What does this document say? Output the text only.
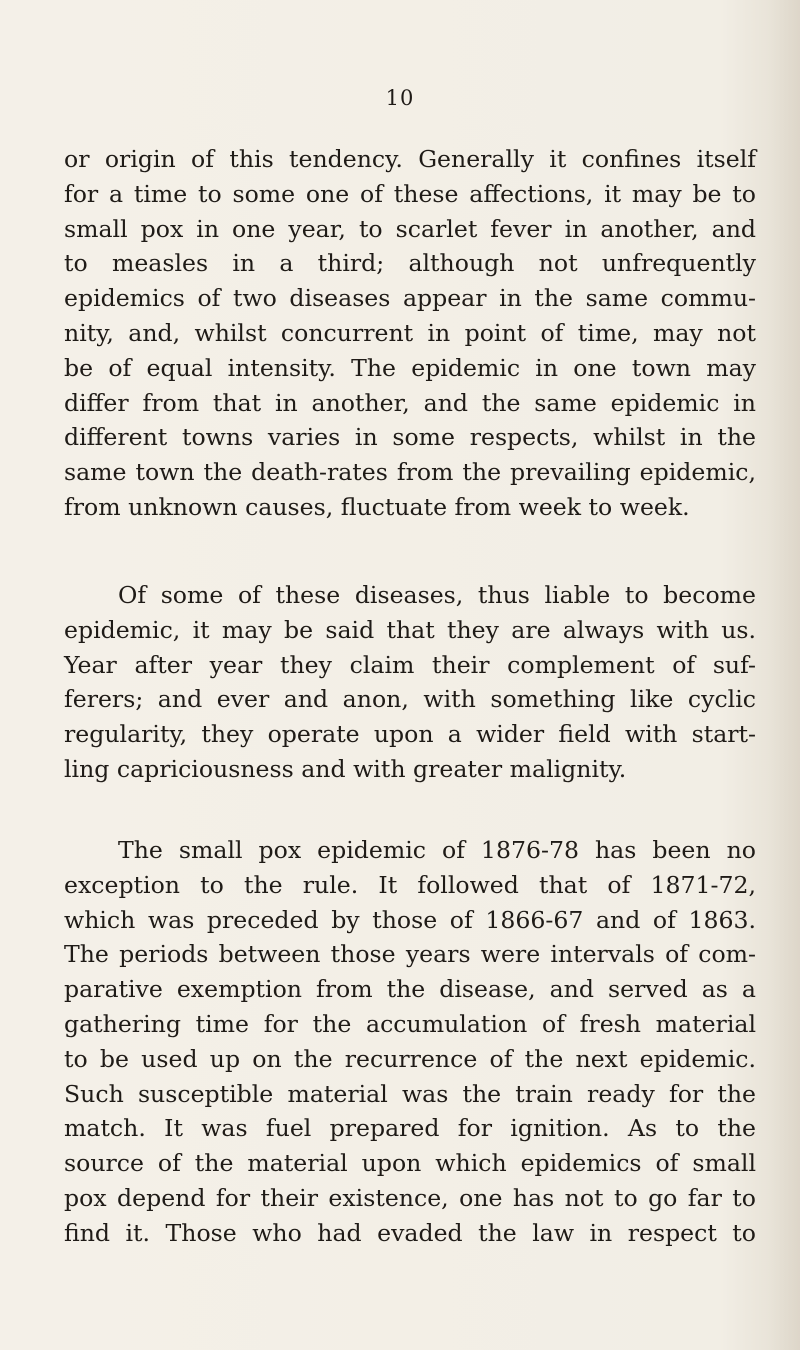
10
or origin of this tendency. Generally it confines itself
for a time to some one of these affections, it may be to
small pox in one year, to scarlet fever in another, and
to measles in a third; although not unfrequently
epidemics of two diseases appear in the same commu-
nity, and, whilst concurrent in point of time, may not
be of equal intensity. The epidemic in one town may
differ from that in another, and the same epidemic in
different towns varies in some respects, whilst in the
same town the death-rates from the prevailing epidemic,
from unknown causes, fluctuate from week to week.
Of some of these diseases, thus liable to become
epidemic, it may be said that they are always with us.
Year after year they claim their complement of suf-
ferers; and ever and anon, with something like cyclic
regularity, they operate upon a wider field with start-
ling capriciousness and with greater malignity.
The small pox epidemic of 1876-78 has been no
exception to the rule. It followed that of 1871-72,
which was preceded by those of 1866-67 and of 1863.
The periods between those years were intervals of com-
parative exemption from the disease, and served as a
gathering time for the accumulation of fresh material
to be used up on the recurrence of the next epidemic.
Such susceptible material was the train ready for the
match. It was fuel prepared for ignition. As to the
source of the material upon which epidemics of small
pox depend for their existence, one has not to go far to
find it. Those who had evaded the law in respect to
